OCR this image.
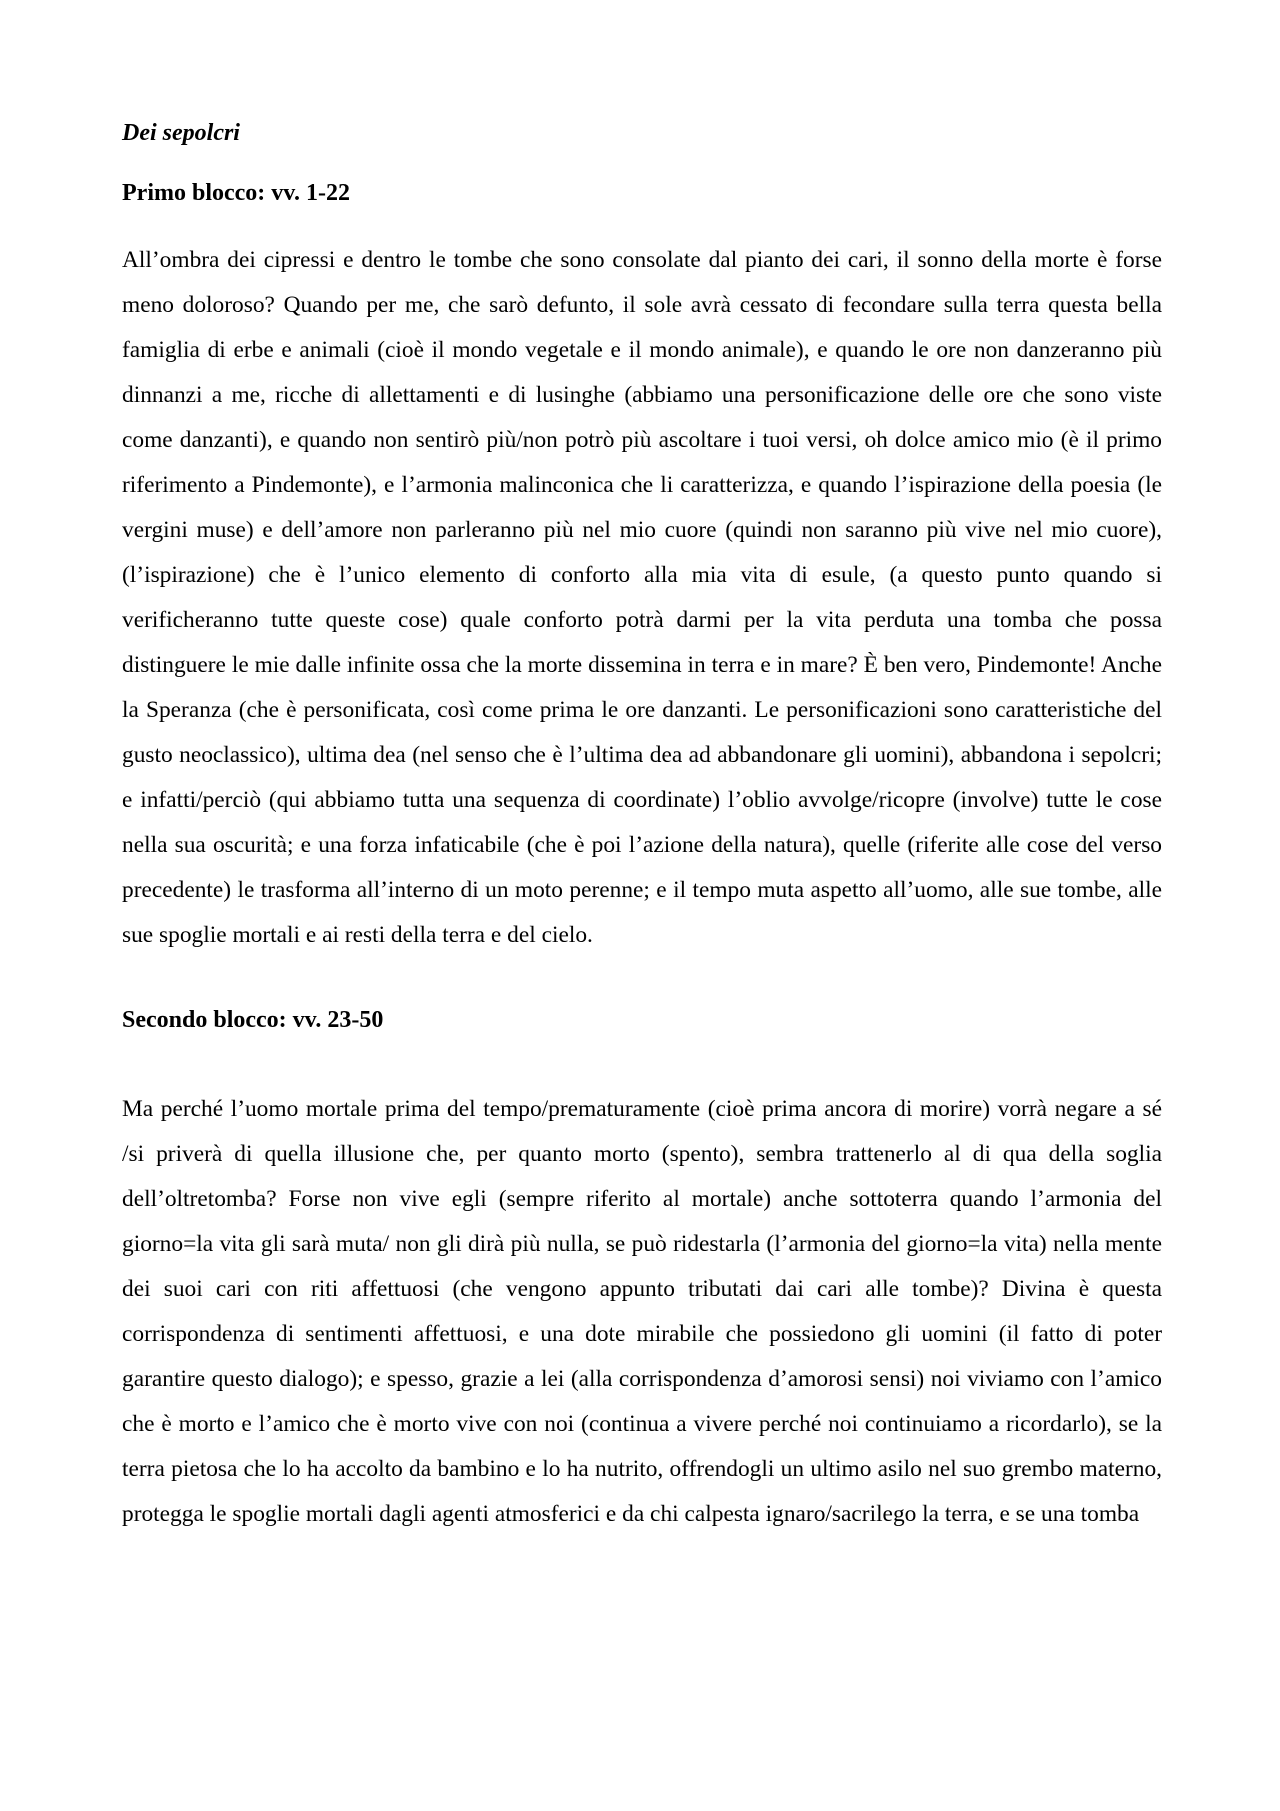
Dei sepolcri
Primo blocco: vv. 1-22

All’ombra dei cipressi e dentro le tombe che sono consolate dal pianto dei cari, il sonno della morte è forse meno doloroso? Quando per me, che sarò defunto, il sole avrà cessato di fecondare sulla terra questa bella famiglia di erbe e animali (cioè il mondo vegetale e il mondo animale), e quando le ore non danzeranno più dinnanzi a me, ricche di allettamenti e di lusinghe (abbiamo una personificazione delle ore che sono viste come danzanti), e quando non sentirò più/non potrò più ascoltare i tuoi versi, oh dolce amico mio (è il primo riferimento a Pindemonte), e l’armonia malinconica che li caratterizza, e quando l’ispirazione della poesia (le vergini muse) e dell’amore non parleranno più nel mio cuore (quindi non saranno più vive nel mio cuore), (l’ispirazione) che è l’unico elemento di conforto alla mia vita di esule, (a questo punto quando si verificheranno tutte queste cose) quale conforto potrà darmi per la vita perduta una tomba che possa distinguere le mie dalle infinite ossa che la morte dissemina in terra e in mare? È ben vero, Pindemonte! Anche la Speranza (che è personificata, così come prima le ore danzanti. Le personificazioni sono caratteristiche del gusto neoclassico), ultima dea (nel senso che è l’ultima dea ad abbandonare gli uomini), abbandona i sepolcri; e infatti/perciò (qui abbiamo tutta una sequenza di coordinate) l’oblio avvolge/ricopre (involve) tutte le cose nella sua oscurità; e una forza infaticabile (che è poi l’azione della natura), quelle (riferite alle cose del verso precedente) le trasforma all’interno di un moto perenne; e il tempo muta aspetto all’uomo, alle sue tombe, alle sue spoglie mortali e ai resti della terra e del cielo.

Secondo blocco: vv. 23-50

Ma perché l’uomo mortale prima del tempo/prematuramente (cioè prima ancora di morire) vorrà negare a sé /si priverà di quella illusione che, per quanto morto (spento), sembra trattenerlo al di qua della soglia dell’oltretomba? Forse non vive egli (sempre riferito al mortale) anche sottoterra quando l’armonia del giorno=la vita gli sarà muta/ non gli dirà più nulla, se può ridestarla (l’armonia del giorno=la vita) nella mente dei suoi cari con riti affettuosi (che vengono appunto tributati dai cari alle tombe)? Divina è questa corrispondenza di sentimenti affettuosi, e una dote mirabile che possiedono gli uomini (il fatto di poter garantire questo dialogo); e spesso, grazie a lei (alla corrispondenza d’amorosi sensi) noi viviamo con l’amico che è morto e l’amico che è morto vive con noi (continua a vivere perché noi continuiamo a ricordarlo), se la terra pietosa che lo ha accolto da bambino e lo ha nutrito, offrendogli un ultimo asilo nel suo grembo materno, protegga le spoglie mortali dagli agenti atmosferici e da chi calpesta ignaro/sacrilego la terra, e se una tomba
